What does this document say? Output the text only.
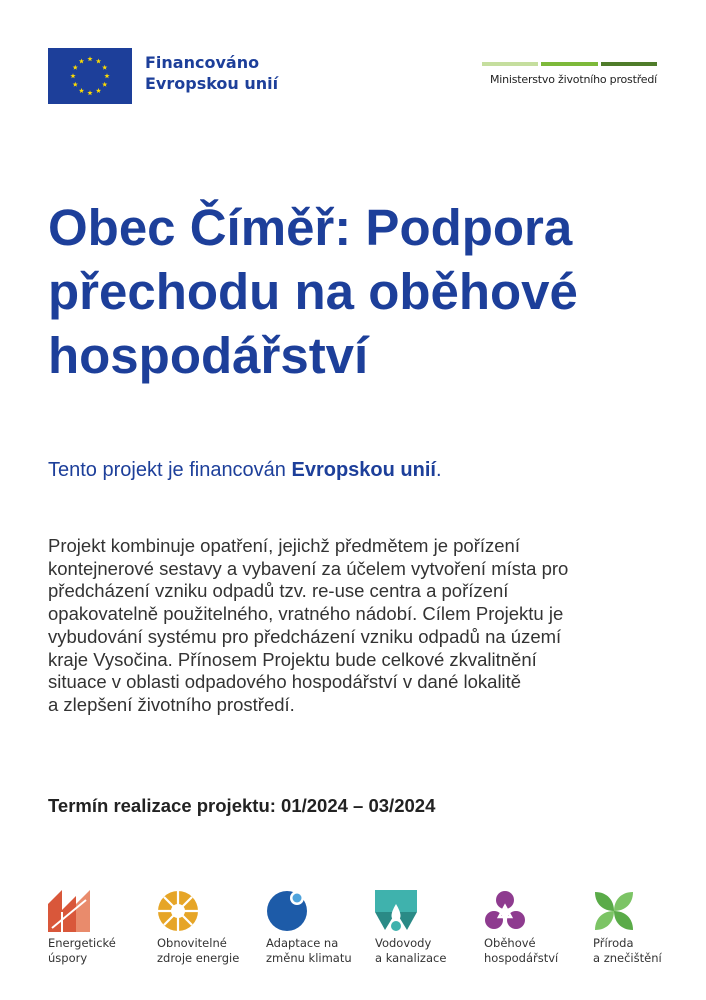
Financováno
Evropskou unií	Ministerstvo životního prostředí
Obec Číměř: Podpora přechodu na oběhové hospodářství

Tento projekt je financován Evropskou unií.

Projekt kombinuje opatření, jejichž předmětem je pořízení
kontejnerové sestavy a vybavení za účelem vytvoření místa pro
předcházení vzniku odpadů tzv. re-use centra a pořízení
opakovatelně použitelného, vratného nádobí. Cílem Projektu je
vybudování systému pro předcházení vzniku odpadů na území
kraje Vysočina. Přínosem Projektu bude celkové zkvalitnění
situace v oblasti odpadového hospodářství v dané lokalitě
a zlepšení životního prostředí.

Termín realizace projektu: 01/2024 – 03/2024

Energetické
úspory
Obnovitelné
zdroje energie
Adaptace na
změnu klimatu
Vodovody
a kanalizace
Oběhové
hospodářství
Příroda
a znečištění
